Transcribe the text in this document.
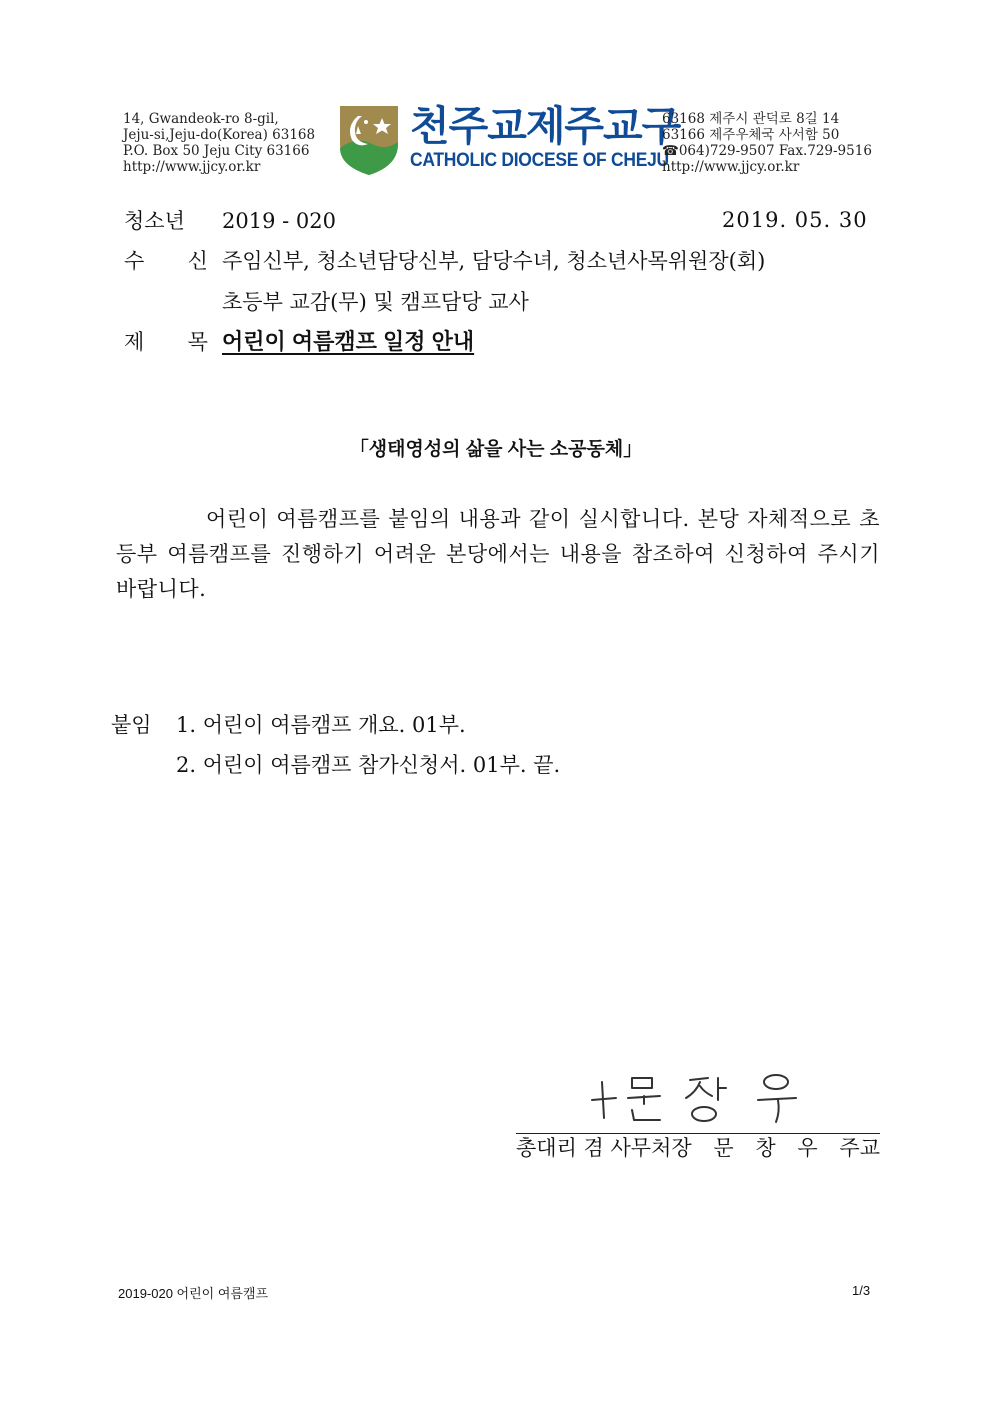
14, Gwandeok-ro 8-gil,
Jeju-si,Jeju-do(Korea) 63168
P.O. Box 50 Jeju City 63166
http://www.jjcy.or.kr
천주교제주교구
CATHOLIC DIOCESE OF CHEJU
63168 제주시 관덕로 8길 14
63166 제주우체국 사서함 50
☎064)729-9507 Fax.729-9516
http://www.jjcy.or.kr
청소년	2019 - 020	2019. 05. 30
수  신 주임신부, 청소년담당신부, 담당수녀, 청소년사목위원장(회)
초등부 교감(무) 및 캠프담당 교사
제  목 어린이 여름캠프 일정 안내
「생태영성의 삶을 사는 소공동체」
어린이 여름캠프를 붙임의 내용과 같이 실시합니다. 본당 자체적으로 초등부 여름캠프를 진행하기 어려운 본당에서는 내용을 참조하여 신청하여 주시기 바랍니다.
붙임 1. 어린이 여름캠프 개요. 01부.
2. 어린이 여름캠프 참가신청서. 01부. 끝.
총대리 겸 사무처장 문 창 우 주교
2019-020 어린이 여름캠프	1/3
